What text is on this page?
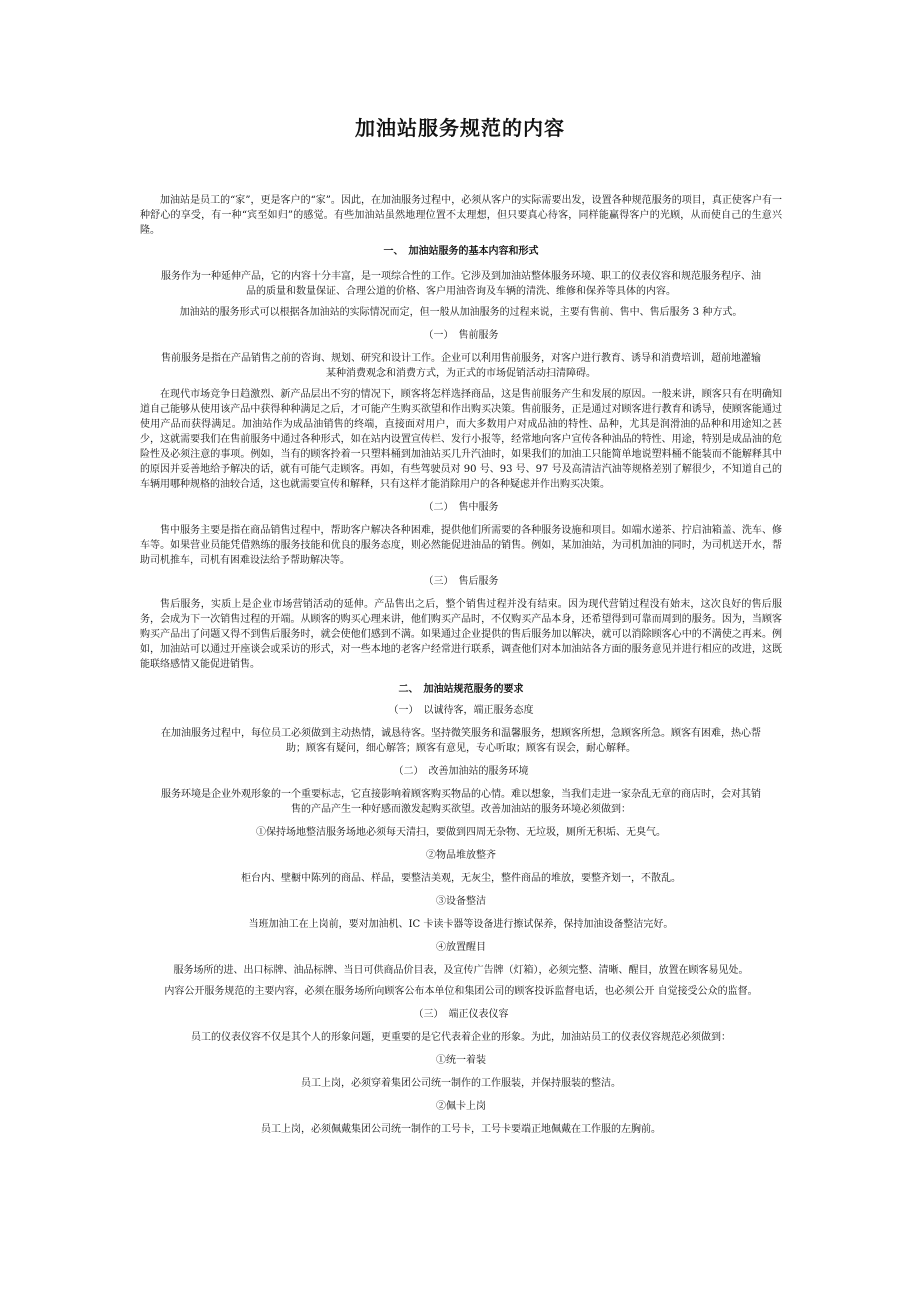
加油站服务规范的内容

加油站是员工的“家”，更是客户的“家”。因此，在加油服务过程中，必须从客户的实际需要出发，设置各种规范服务的项目，真正使客户有一种舒心的享受，有一种“宾至如归”的感觉。有些加油站虽然地理位置不太理想，但只要真心待客，同样能赢得客户的光顾，从而使自己的生意兴隆。

一、　加油站服务的基本内容和形式

服务作为一种延伸产品，它的内容十分丰富，是一项综合性的工作。它涉及到加油站整体服务环境、职工的仪表仪容和规范服务程序、油品的质量和数量保证、合理公道的价格、客户用油咨询及车辆的清洗、维修和保养等具体的内容。

加油站的服务形式可以根据各加油站的实际情况而定，但一般从加油服务的过程来说，主要有售前、售中、售后服务 3 种方式。

（一）　售前服务

售前服务是指在产品销售之前的咨询、规划、研究和设计工作。企业可以利用售前服务，对客户进行教育、诱导和消费培训，超前地灌输某种消费观念和消费方式，为正式的市场促销活动扫清障碍。

在现代市场竞争日趋激烈、新产品层出不穷的情况下，顾客将怎样选择商品，这是售前服务产生和发展的原因。一般来讲，顾客只有在明确知道自己能够从使用该产品中获得种种满足之后，才可能产生购买欲望和作出购买决策。售前服务，正是通过对顾客进行教育和诱导，使顾客能通过使用产品而获得满足。加油站作为成品油销售的终端，直接面对用户，而大多数用户对成品油的特性、品种，尤其是润滑油的品种和用途知之甚少，这就需要我们在售前服务中通过各种形式，如在站内设置宣传栏、发行小报等，经常地向客户宣传各种油品的特性、用途，特别是成品油的危险性及必须注意的事项。例如，当有的顾客拎着一只塑料桶到加油站买几升汽油时，如果我们的加油工只能简单地说塑料桶不能装而不能解释其中的原因并妥善地给予解决的话，就有可能气走顾客。再如，有些驾驶员对 90 号、93 号、97 号及高清洁汽油等规格差别了解很少，不知道自己的车辆用哪种规格的油较合适，这也就需要宣传和解释，只有这样才能消除用户的各种疑虑并作出购买决策。

（二）　售中服务

售中服务主要是指在商品销售过程中，帮助客户解决各种困难，提供他们所需要的各种服务设施和项目。如端水递茶、拧启油箱盖、洗车、修车等。如果营业员能凭借熟练的服务技能和优良的服务态度，则必然能促进油品的销售。例如，某加油站，为司机加油的同时，为司机送开水，帮助司机推车，司机有困难设法给予帮助解决等。

（三）　售后服务

售后服务，实质上是企业市场营销活动的延伸。产品售出之后，整个销售过程并没有结束。因为现代营销过程没有始末，这次良好的售后服务，会成为下一次销售过程的开端。从顾客的购买心理来讲，他们购买产品时，不仅购买产品本身，还希望得到可靠而周到的服务。因为，当顾客购买产品出了问题又得不到售后服务时，就会使他们感到不满。如果通过企业提供的售后服务加以解决，就可以消除顾客心中的不满使之再来。例如，加油站可以通过开座谈会或采访的形式，对一些本地的老客户经常进行联系，调查他们对本加油站各方面的服务意见并进行相应的改进，这既能联络感情又能促进销售。

二、　加油站规范服务的要求

（一）　以诚待客，端正服务态度

在加油服务过程中，每位员工必须做到主动热情，诚恳待客。坚持微笑服务和温馨服务，想顾客所想，急顾客所急。顾客有困难，热心帮助；顾客有疑问，细心解答；顾客有意见，专心听取；顾客有误会，耐心解释。

（二）　改善加油站的服务环境

服务环境是企业外观形象的一个重要标志，它直接影响着顾客购买物品的心情。难以想象，当我们走进一家杂乱无章的商店时，会对其销售的产品产生一种好感而激发起购买欲望。改善加油站的服务环境必须做到：

①保持场地整洁服务场地必须每天清扫，要做到四周无杂物、无垃圾，厕所无积垢、无臭气。

②物品堆放整齐

柜台内、壁橱中陈列的商品、样品，要整洁美观，无灰尘，整件商品的堆放，要整齐划一，不散乱。

③设备整洁

当班加油工在上岗前，要对加油机、IC 卡读卡器等设备进行擦试保养，保持加油设备整洁完好。

④放置醒目

服务场所的进、出口标牌、油品标牌、当日可供商品价目表，及宣传广告牌（灯箱），必须完整、清晰、醒目，放置在顾客易见处。

内容公开服务规范的主要内容，必须在服务场所向顾客公布本单位和集团公司的顾客投诉监督电话，也必须公开 自觉接受公众的监督。

（三）　端正仪表仪容

员工的仪表仪容不仅是其个人的形象问题，更重要的是它代表着企业的形象。为此，加油站员工的仪表仪容规范必须做到：

①统一着装

员工上岗，必须穿着集团公司统一制作的工作服装，并保持服装的整洁。

②佩卡上岗

员工上岗，必须佩戴集团公司统一制作的工号卡，工号卡要端正地佩戴在工作服的左胸前。
